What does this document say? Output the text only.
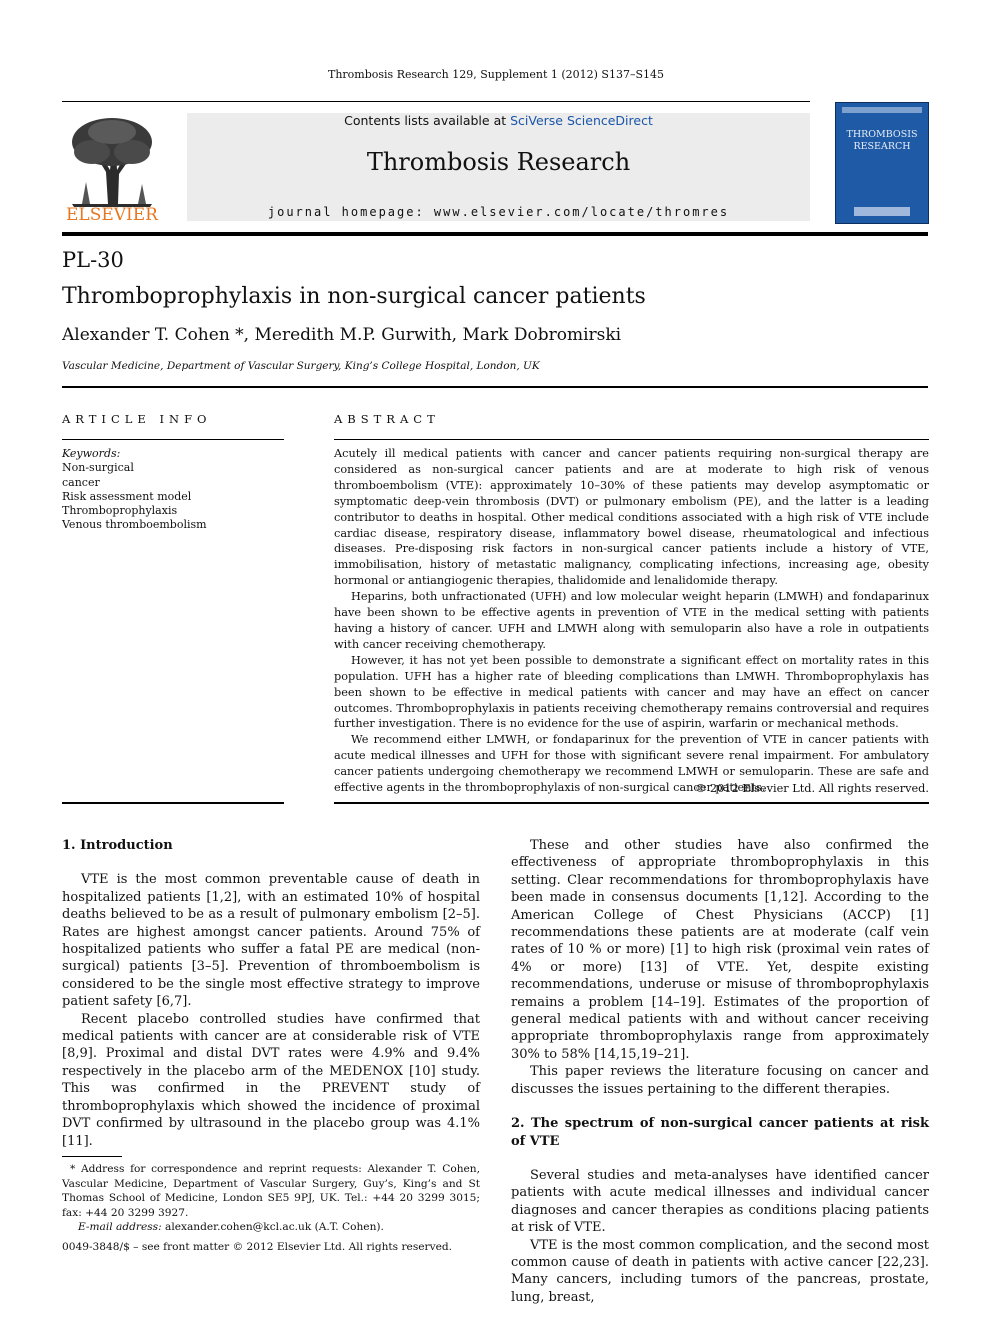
Thrombosis Research 129, Supplement 1 (2012) S137–S145
ELSEVIER
Contents lists available at SciVerse ScienceDirect
Thrombosis Research
journal homepage: www.elsevier.com/locate/thromres
THROMBOSIS
RESEARCH
PL-30
Thromboprophylaxis in non-surgical cancer patients
Alexander T. Cohen *, Meredith M.P. Gurwith, Mark Dobromirski
Vascular Medicine, Department of Vascular Surgery, King’s College Hospital, London, UK
ARTICLE INFO
Keywords:
Non-surgical
cancer
Risk assessment model
Thromboprophylaxis
Venous thromboembolism
ABSTRACT

Acutely ill medical patients with cancer and cancer patients requiring non-surgical therapy are considered as non-surgical cancer patients and are at moderate to high risk of venous thromboembolism (VTE): approximately 10–30% of these patients may develop asymptomatic or symptomatic deep-vein thrombosis (DVT) or pulmonary embolism (PE), and the latter is a leading contributor to deaths in hospital. Other medical conditions associated with a high risk of VTE include cardiac disease, respiratory disease, inflammatory bowel disease, rheumatological and infectious diseases. Pre-disposing risk factors in non-surgical cancer patients include a history of VTE, immobilisation, history of metastatic malignancy, complicating infections, increasing age, obesity hormonal or antiangiogenic therapies, thalidomide and lenalidomide therapy.

Heparins, both unfractionated (UFH) and low molecular weight heparin (LMWH) and fondaparinux have been shown to be effective agents in prevention of VTE in the medical setting with patients having a history of cancer. UFH and LMWH along with semuloparin also have a role in outpatients with cancer receiving chemotherapy.

However, it has not yet been possible to demonstrate a significant effect on mortality rates in this population. UFH has a higher rate of bleeding complications than LMWH. Thromboprophylaxis has been shown to be effective in medical patients with cancer and may have an effect on cancer outcomes. Thromboprophylaxis in patients receiving chemotherapy remains controversial and requires further investigation. There is no evidence for the use of aspirin, warfarin or mechanical methods.

We recommend either LMWH, or fondaparinux for the prevention of VTE in cancer patients with acute medical illnesses and UFH for those with significant severe renal impairment. For ambulatory cancer patients undergoing chemotherapy we recommend LMWH or semuloparin. These are safe and effective agents in the thromboprophylaxis of non-surgical cancer patients.

© 2012 Elsevier Ltd. All rights reserved.
1. Introduction

VTE is the most common preventable cause of death in hospitalized patients [1,2], with an estimated 10% of hospital deaths believed to be as a result of pulmonary embolism [2–5]. Rates are highest amongst cancer patients. Around 75% of hospitalized patients who suffer a fatal PE are medical (non-surgical) patients [3–5]. Prevention of thromboembolism is considered to be the single most effective strategy to improve patient safety [6,7].

Recent placebo controlled studies have confirmed that medical patients with cancer are at considerable risk of VTE [8,9]. Proximal and distal DVT rates were 4.9% and 9.4% respectively in the placebo arm of the MEDENOX [10] study. This was confirmed in the PREVENT study of thromboprophylaxis which showed the incidence of proximal DVT confirmed by ultrasound in the placebo group was 4.1% [11].

These and other studies have also confirmed the effectiveness of appropriate thromboprophylaxis in this setting. Clear recommendations for thromboprophylaxis have been made in consensus documents [1,12]. According to the American College of Chest Physicians (ACCP) [1] recommendations these patients are at moderate (calf vein rates of 10 % or more) [1] to high risk (proximal vein rates of 4% or more) [13] of VTE. Yet, despite existing recommendations, underuse or misuse of thromboprophylaxis remains a problem [14–19]. Estimates of the proportion of general medical patients with and without cancer receiving appropriate thromboprophylaxis range from approximately 30% to 58% [14,15,19–21].

This paper reviews the literature focusing on cancer and discusses the issues pertaining to the different therapies.

2. The spectrum of non-surgical cancer patients at risk of VTE

Several studies and meta-analyses have identified cancer patients with acute medical illnesses and individual cancer diagnoses and cancer therapies as conditions placing patients at risk of VTE.

VTE is the most common complication, and the second most common cause of death in patients with active cancer [22,23]. Many cancers, including tumors of the pancreas, prostate, lung, breast,

* Address for correspondence and reprint requests: Alexander T. Cohen, Vascular Medicine, Department of Vascular Surgery, Guy’s, King’s and St Thomas School of Medicine, London SE5 9PJ, UK. Tel.: +44 20 3299 3015; fax: +44 20 3299 3927.

E-mail address: alexander.cohen@kcl.ac.uk (A.T. Cohen).

0049-3848/$ – see front matter © 2012 Elsevier Ltd. All rights reserved.
